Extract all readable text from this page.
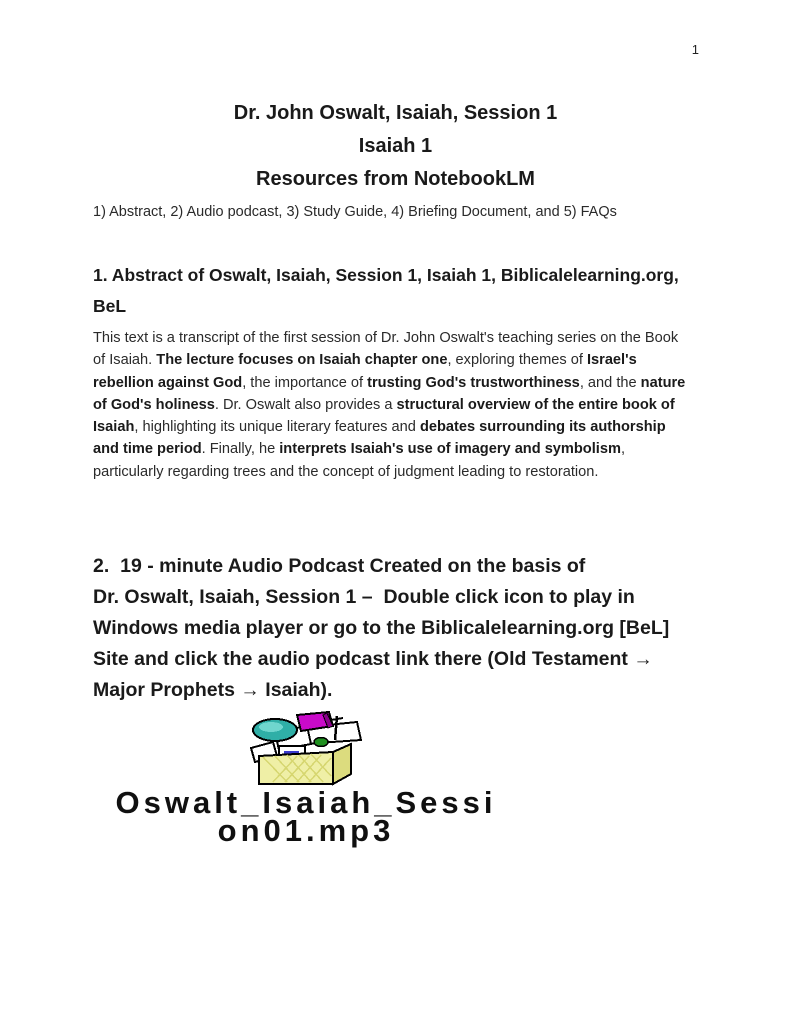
1
Dr. John Oswalt, Isaiah, Session 1
Isaiah 1
Resources from NotebookLM
1) Abstract, 2) Audio podcast, 3) Study Guide, 4) Briefing Document, and 5) FAQs
1. Abstract of Oswalt, Isaiah, Session 1, Isaiah 1, Biblicalelearning.org,
BeL
This text is a transcript of the first session of Dr. John Oswalt's teaching series on the Book of Isaiah. The lecture focuses on Isaiah chapter one, exploring themes of Israel's rebellion against God, the importance of trusting God's trustworthiness, and the nature of God's holiness. Dr. Oswalt also provides a structural overview of the entire book of Isaiah, highlighting its unique literary features and debates surrounding its authorship and time period. Finally, he interprets Isaiah's use of imagery and symbolism, particularly regarding trees and the concept of judgment leading to restoration.
2.  19 - minute Audio Podcast Created on the basis of
Dr. Oswalt, Isaiah, Session 1 –  Double click icon to play in
Windows media player or go to the Biblicalelearning.org [BeL]
Site and click the audio podcast link there (Old Testament →
Major Prophets → Isaiah).
Oswalt_Isaiah_Sessi
on01.mp3
